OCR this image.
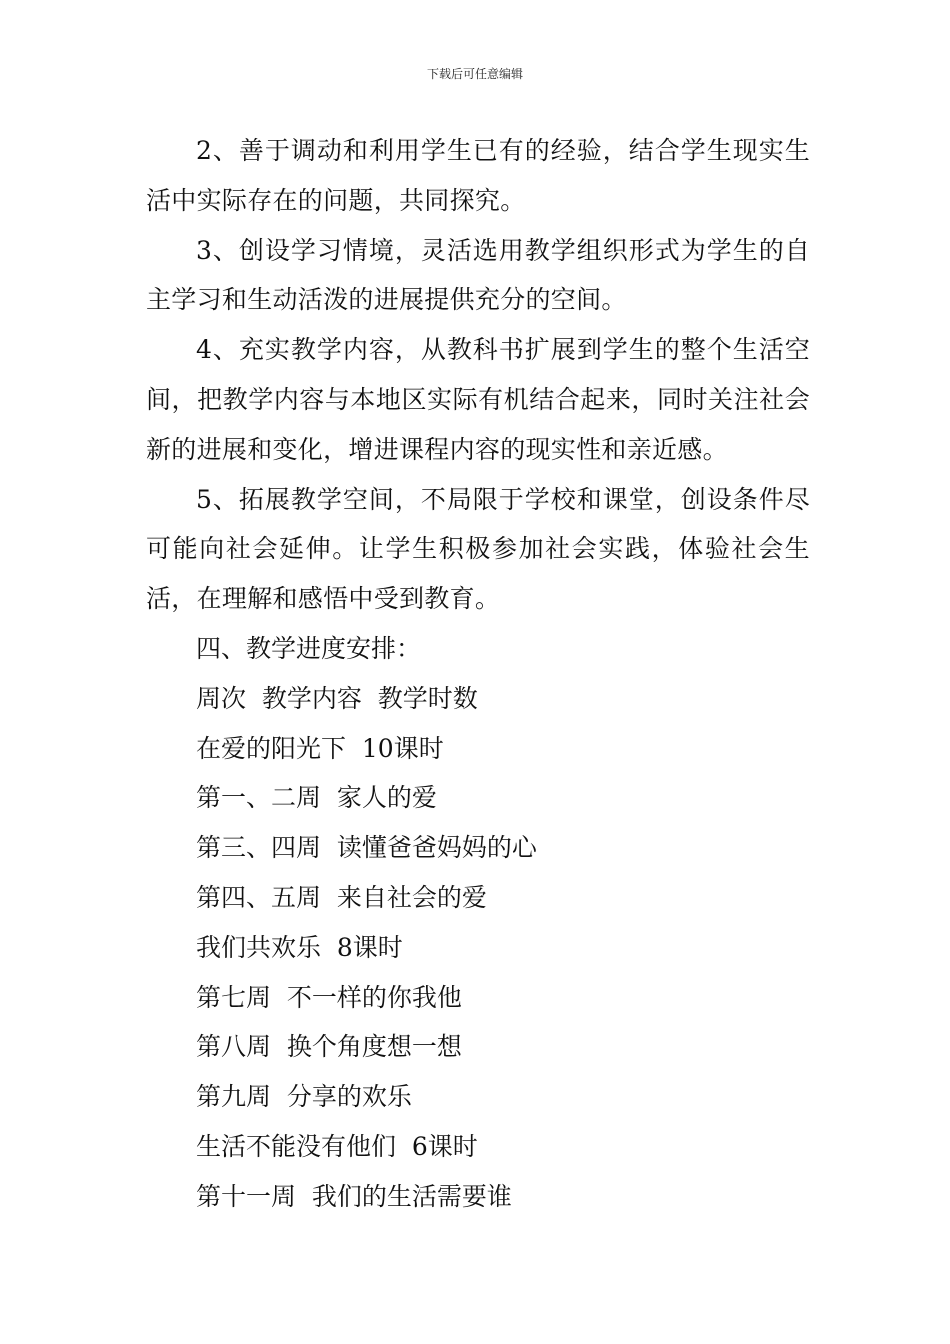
下载后可任意编辑

2、善于调动和利用学生已有的经验，结合学生现实生活中实际存在的问题，共同探究。

3、创设学习情境，灵活选用教学组织形式为学生的自主学习和生动活泼的进展提供充分的空间。

4、充实教学内容，从教科书扩展到学生的整个生活空间，把教学内容与本地区实际有机结合起来，同时关注社会新的进展和变化，增进课程内容的现实性和亲近感。

5、拓展教学空间，不局限于学校和课堂，创设条件尽可能向社会延伸。让学生积极参加社会实践，体验社会生活，在理解和感悟中受到教育。

四、教学进度安排：

周次  教学内容  教学时数

在爱的阳光下  10课时

第一、二周  家人的爱

第三、四周  读懂爸爸妈妈的心

第四、五周  来自社会的爱

我们共欢乐  8课时

第七周  不一样的你我他

第八周  换个角度想一想

第九周  分享的欢乐

生活不能没有他们  6课时

第十一周  我们的生活需要谁
